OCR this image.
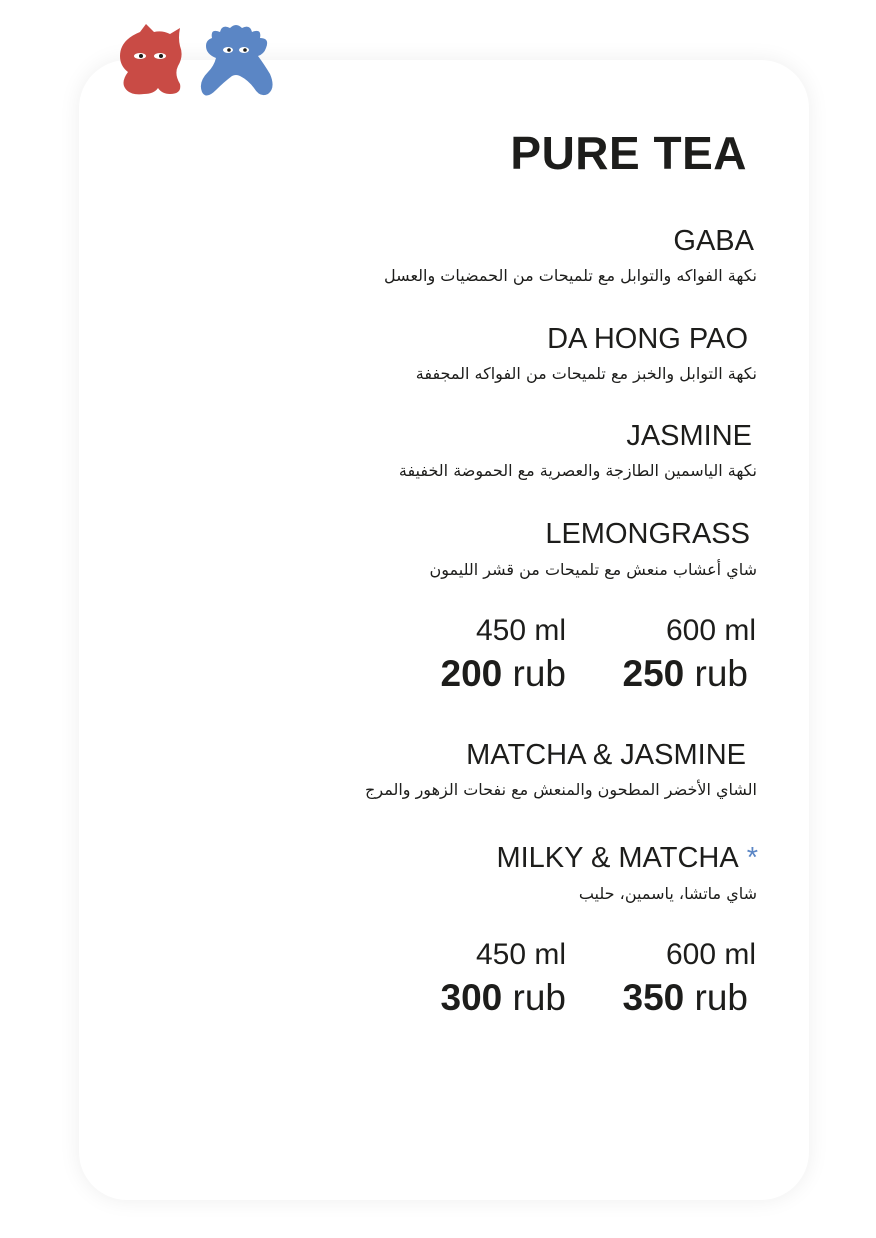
PURE TEA
GABA
نكهة الفواكه والتوابل مع تلميحات من الحمضيات والعسل
DA HONG PAO
نكهة التوابل والخبز مع تلميحات من الفواكه المجففة
JASMINE
نكهة الياسمين الطازجة والعصرية مع الحموضة الخفيفة
LEMONGRASS
شاي أعشاب منعش مع تلميحات من قشر الليمون
450 ml	600 ml
200 rub 250 rub
MATCHA & JASMINE
الشاي الأخضر المطحون والمنعش مع نفحات الزهور والمرج
MILKY & MATCHA *
شاي ماتشا، ياسمين، حليب
450 ml	600 ml
300 rub 350 rub
